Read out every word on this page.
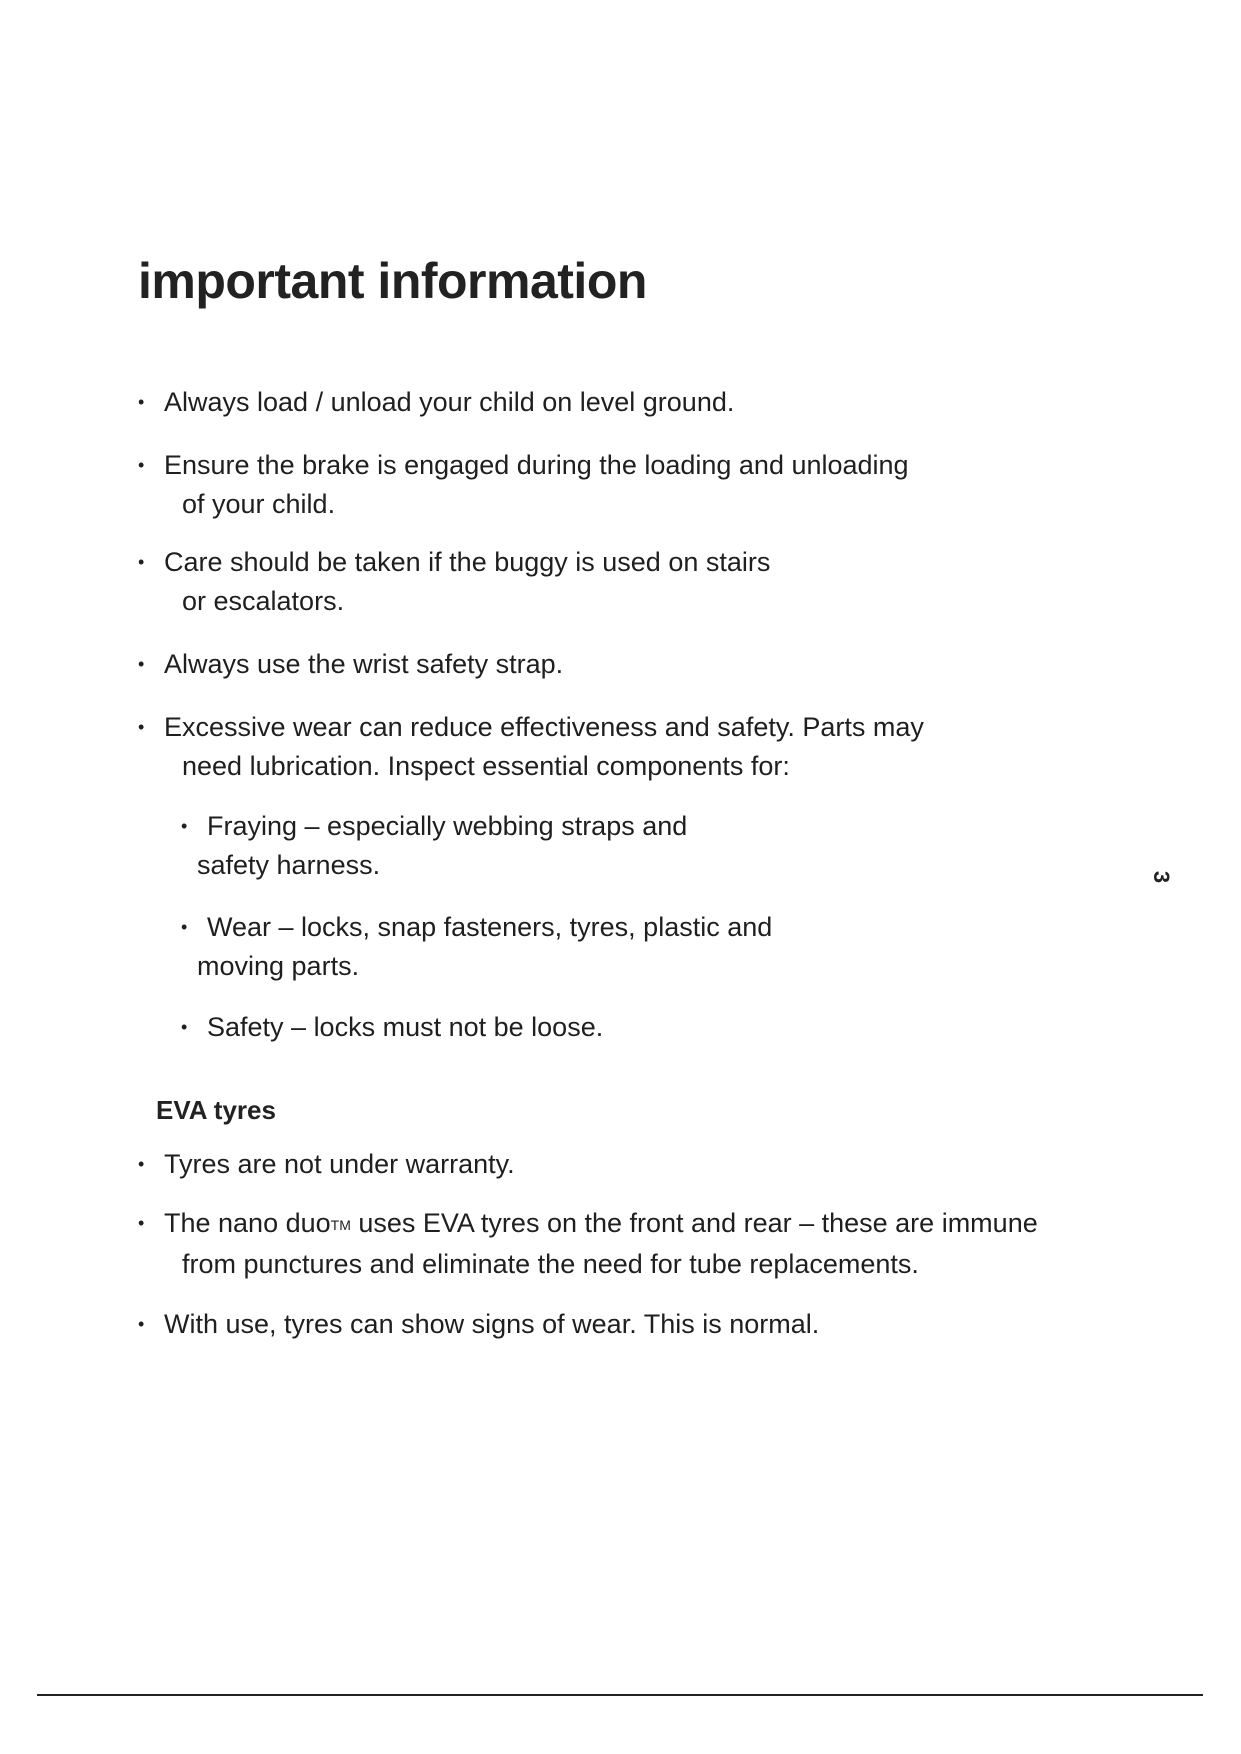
important information
• Always load / unload your child on level ground.
• Ensure the brake is engaged during the loading and unloading
of your child.
• Care should be taken if the buggy is used on stairs
or escalators.
• Always use the wrist safety strap.
• Excessive wear can reduce effectiveness and safety. Parts may
need lubrication. Inspect essential components for:
• Fraying – especially webbing straps and
safety harness.
• Wear – locks, snap fasteners, tyres, plastic and
moving parts.
• Safety – locks must not be loose.
EVA tyres
• Tyres are not under warranty.
• The nano duoTM uses EVA tyres on the front and rear – these are immune
from punctures and eliminate the need for tube replacements.
• With use, tyres can show signs of wear. This is normal.
3
